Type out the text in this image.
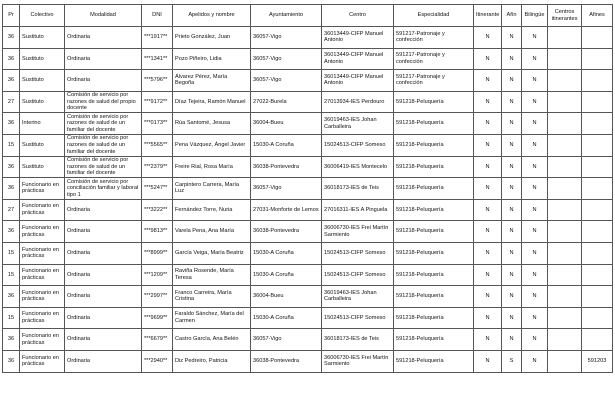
Pr	Colectivo	Modalidad	DNI	Apelidos y nombre	Ayuntamiento	Centro	Especialidad	Itinerante	Afín	Bilingüe	Centros itinerantes	Afines
36	Sustituto	Ordinaria	***1917**	Prieto González, Juan	36057-Vigo	36013449-CIFP Manuel Antonio	591217-Patronaje y confección	N	N	N		
36	Sustituto	Ordinaria	***1341**	Pozo Piñeiro, Lidia	36057-Vigo	36013449-CIFP Manuel Antonio	591217-Patronaje y confección	N	N	N		
36	Sustituto	Ordinaria	***5796**	Álvarez Pérez, María Begoña	36057-Vigo	36013449-CIFP Manuel Antonio	591217-Patronaje y confección	N	N	N		
27	Sustituto	Comisión de servicio por razones de salud del propio docente	***9172**	Díaz Tejeira, Ramón Manuel	27022-Burela	27013934-IES Perdouro	591218-Peluquería	N	N	N		
36	Interino	Comisión de servicio por razones de salud de un familiar del docente	***0173**	Rúa Santomé, Jesusa	36004-Bueu	36019463-IES Johan Carballeira	591218-Peluquería	N	N	N		
15	Sustituto	Comisión de servicio por razones de salud de un familiar del docente	***5565**	Pena Vázquez, Ángel Javier	15030-A Coruña	15024513-CIFP Someso	591218-Peluquería	N	N	N		
36	Sustituto	Comisión de servicio por razones de salud de un familiar del docente	***2379**	Freire Rial, Rosa María	36038-Pontevedra	36006419-IES Montecelo	591218-Peluquería	N	N	N		
36	Funcionario en prácticas	Comisión de servicio por conciliación familiar y laboral tipo 1	***5247**	Carpintero Carrera, María Luz	36057-Vigo	36018173-IES de Teis	591218-Peluquería	N	N	N		
27	Funcionario en prácticas	Ordinaria	***3222**	Fernández Torre, Nuria	27031-Monforte de Lemos	27016311-IES A Pinguela	591218-Peluquería	N	N	N		
36	Funcionario en prácticas	Ordinaria	***9813**	Varela Pena, Ana María	36038-Pontevedra	36006730-IES Frei Martín Sarmiento	591218-Peluquería	N	N	N		
15	Funcionario en prácticas	Ordinaria	***8999**	García Veiga, María Beatriz	15030-A Coruña	15024513-CIFP Someso	591218-Peluquería	N	N	N		
15	Funcionario en prácticas	Ordinaria	***1209**	Raviña Rosende, María Teresa	15030-A Coruña	15024513-CIFP Someso	591218-Peluquería	N	N	N		
36	Funcionario en prácticas	Ordinaria	***2997**	Franco Carreira, María Cristina	36004-Bueu	36019463-IES Johan Carballeira	591218-Peluquería	N	N	N		
15	Funcionario en prácticas	Ordinaria	***9699**	Faraldo Sánchez, María del Carmen	15030-A Coruña	15024513-CIFP Someso	591218-Peluquería	N	N	N		
36	Funcionario en prácticas	Ordinaria	***6679**	Castro García, Ana Belén	36057-Vigo	36018173-IES de Teis	591218-Peluquería	N	N	N		
36	Funcionario en prácticas	Ordinaria	***2940**	Diz Pedreiro, Patricia	36038-Pontevedra	36006730-IES Frei Martín Sarmiento	591218-Peluquería	N	S	N		591203
